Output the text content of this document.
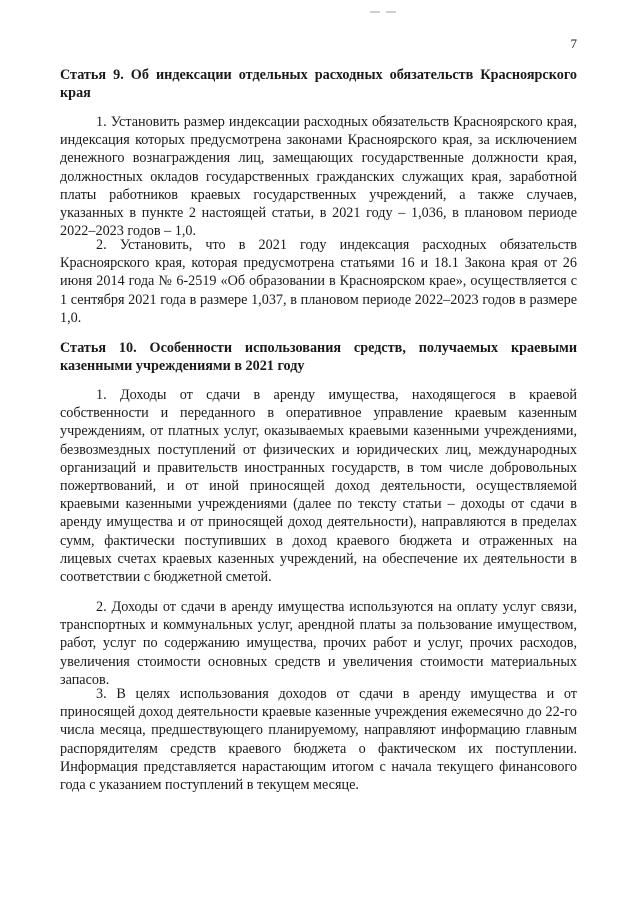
7
Статья 9. Об индексации отдельных расходных обязательств Красноярского края

1. Установить размер индексации расходных обязательств Красноярского края, индексация которых предусмотрена законами Красноярского края, за исключением денежного вознаграждения лиц, замещающих государственные должности края, должностных окладов государственных гражданских служащих края, заработной платы работников краевых государственных учреждений, а также случаев, указанных в пункте 2 настоящей статьи, в 2021 году – 1,036, в плановом периоде 2022–2023 годов – 1,0.

2. Установить, что в 2021 году индексация расходных обязательств Красноярского края, которая предусмотрена статьями 16 и 18.1 Закона края от 26 июня 2014 года № 6-2519 «Об образовании в Красноярском крае», осуществляется с 1 сентября 2021 года в размере 1,037, в плановом периоде 2022–2023 годов в размере 1,0.

Статья 10. Особенности использования средств, получаемых краевыми казенными учреждениями в 2021 году

1. Доходы от сдачи в аренду имущества, находящегося в краевой собственности и переданного в оперативное управление краевым казенным учреждениям, от платных услуг, оказываемых краевыми казенными учреждениями, безвозмездных поступлений от физических и юридических лиц, международных организаций и правительств иностранных государств, в том числе добровольных пожертвований, и от иной приносящей доход деятельности, осуществляемой краевыми казенными учреждениями (далее по тексту статьи – доходы от сдачи в аренду имущества и от приносящей доход деятельности), направляются в пределах сумм, фактически поступивших в доход краевого бюджета и отраженных на лицевых счетах краевых казенных учреждений, на обеспечение их деятельности в соответствии с бюджетной сметой.

2. Доходы от сдачи в аренду имущества используются на оплату услуг связи, транспортных и коммунальных услуг, арендной платы за пользование имуществом, работ, услуг по содержанию имущества, прочих работ и услуг, прочих расходов, увеличения стоимости основных средств и увеличения стоимости материальных запасов.

3. В целях использования доходов от сдачи в аренду имущества и от приносящей доход деятельности краевые казенные учреждения ежемесячно до 22-го числа месяца, предшествующего планируемому, направляют информацию главным распорядителям средств краевого бюджета о фактическом их поступлении. Информация представляется нарастающим итогом с начала текущего финансового года с указанием поступлений в текущем месяце.
